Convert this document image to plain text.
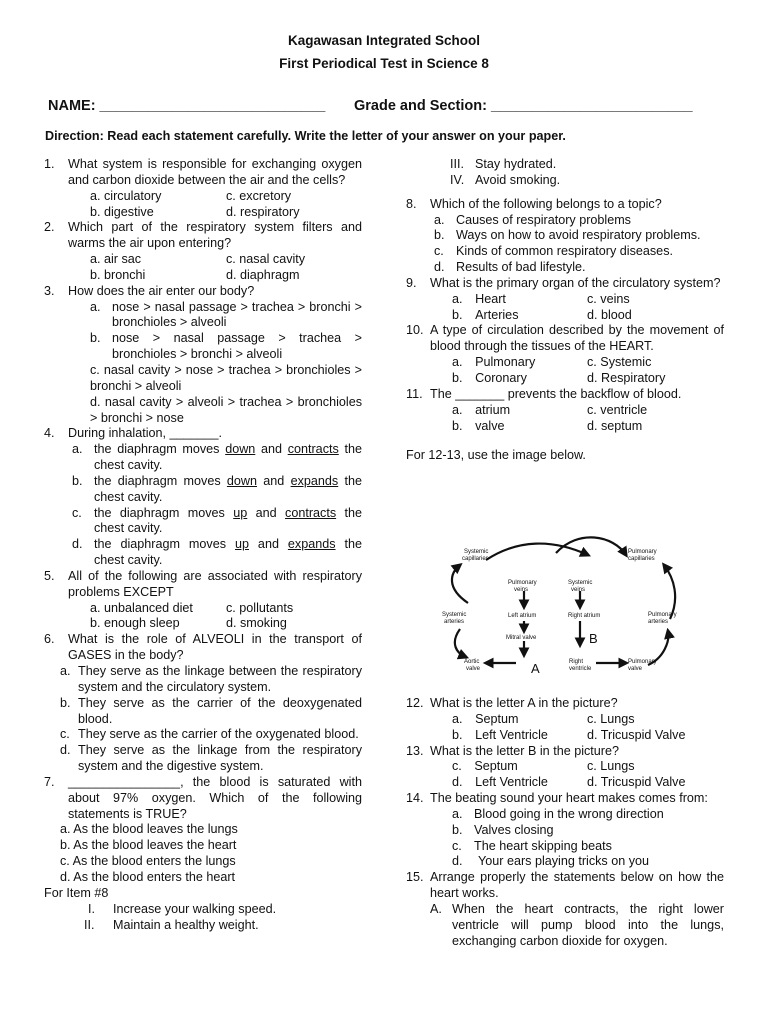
Kagawasan Integrated School
First Periodical Test in Science 8
NAME: ____________________________ Grade and Section: _________________________
Direction: Read each statement carefully. Write the letter of your answer on your paper.
1.	What system is responsible for exchanging oxygen and carbon dioxide between the air and the cells?
a. circulatory	c. excretory
b. digestive	d. respiratory
2.	Which part of the respiratory system filters and warms the air upon entering?
a. air sac	c. nasal cavity
b. bronchi	d. diaphragm
3.	How does the air enter our body?
a. nose > nasal passage > trachea > bronchi > bronchioles > alveoli
b. nose > nasal passage > trachea > bronchioles > bronchi > alveoli
c. nasal cavity > nose > trachea > bronchioles > bronchi > alveoli
d. nasal cavity > alveoli > trachea > bronchioles > bronchi > nose
4.	During inhalation, _______.
a. the diaphragm moves down and contracts the chest cavity.
b. the diaphragm moves down and expands the chest cavity.
c. the diaphragm moves up and contracts the chest cavity.
d. the diaphragm moves up and expands the chest cavity.
5.	All of the following are associated with respiratory problems EXCEPT
a. unbalanced diet	c. pollutants
b. enough sleep	d. smoking
6.	What is the role of ALVEOLI in the transport of GASES in the body?
a. They serve as the linkage between the respiratory system and the circulatory system.
b. They serve as the carrier of the deoxygenated blood.
c. They serve as the carrier of the oxygenated blood.
d. They serve as the linkage from the respiratory system and the digestive system.
7.	________________, the blood is saturated with about 97% oxygen. Which of the following statements is TRUE?
a. As the blood leaves the lungs
b. As the blood leaves the heart
c. As the blood enters the lungs
d. As the blood enters the heart
For Item #8
I.	Increase your walking speed.
II.	Maintain a healthy weight.
III. Stay hydrated.
IV. Avoid smoking.
8.	Which of the following belongs to a topic?
a. Causes of respiratory problems
b. Ways on how to avoid respiratory problems.
c. Kinds of common respiratory diseases.
d. Results of bad lifestyle.
9.	What is the primary organ of the circulatory system?
a. Heart	c. veins
b. Arteries	d. blood
10. A type of circulation described by the movement of blood through the tissues of the HEART.
a. Pulmonary	c. Systemic
b. Coronary	d. Respiratory
11. The _______ prevents the backflow of blood.
a. atrium	c. ventricle
b. valve	d. septum
For 12-13, use the image below.
Systemic
capillaries
Pulmonary
capillaries
Pulmonary
veins
Systemic
veins
Systemic
arteries
Left atrium	Right atrium	Pulmonary
arteries
Mitral valve
Aortic
valve
Right
ventricle
Pulmonary
valve
A
B
12. What is the letter A in the picture?
a. Septum	c. Lungs
b. Left Ventricle	d. Tricuspid Valve
13. What is the letter B in the picture?
c. Septum	c. Lungs
d. Left Ventricle	d. Tricuspid Valve
14. The beating sound your heart makes comes from:
a. Blood going in the wrong direction
b. Valves closing
c. The heart skipping beats
d.	Your ears playing tricks on you
15. Arrange properly the statements below on how the heart works.
A. When the heart contracts, the right lower ventricle will pump blood into the lungs, exchanging carbon dioxide for oxygen.
